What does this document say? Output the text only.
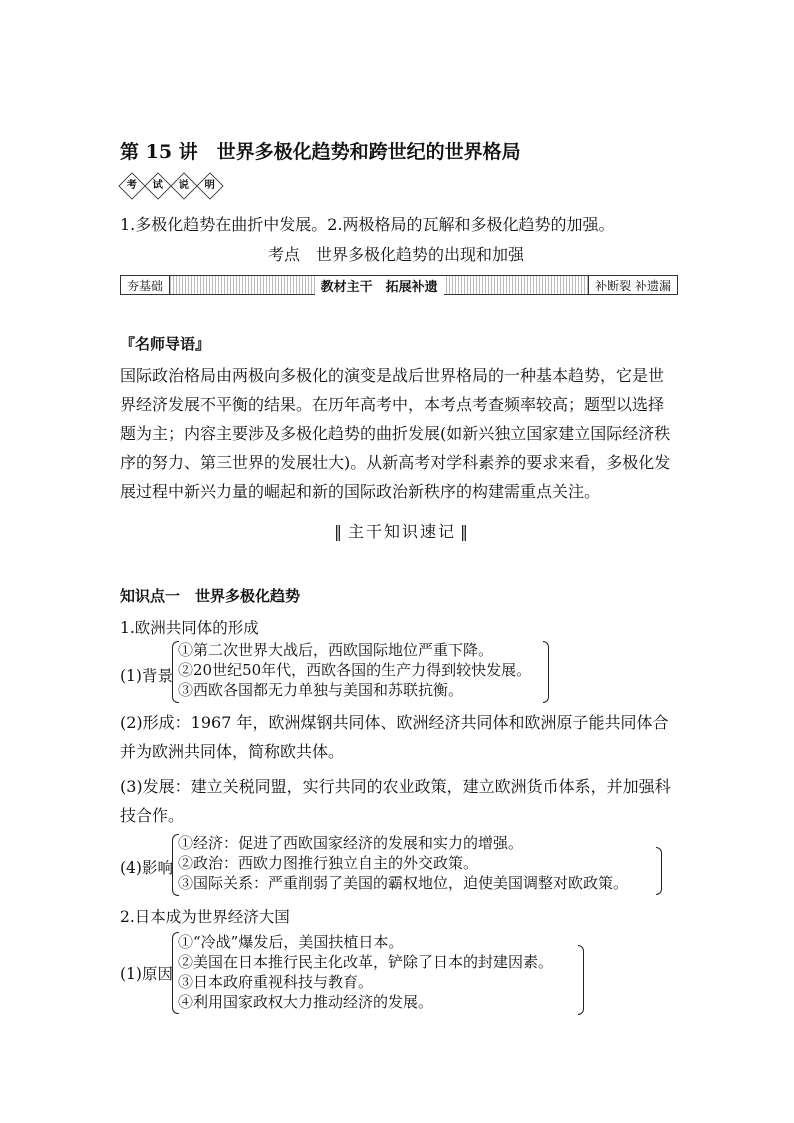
第 15 讲　世界多极化趋势和跨世纪的世界格局
考	试	说	明
1.多极化趋势在曲折中发展。2.两极格局的瓦解和多极化趋势的加强。
考点　世界多极化趋势的出现和加强
夯基础	教材主干　拓展补遗	补断裂 补遗漏
『名师导语』
国际政治格局由两极向多极化的演变是战后世界格局的一种基本趋势，它是世界经济发展不平衡的结果。在历年高考中，本考点考查频率较高；题型以选择题为主；内容主要涉及多极化趋势的曲折发展(如新兴独立国家建立国际经济秩序的努力、第三世界的发展壮大)。从新高考对学科素养的要求来看，多极化发展过程中新兴力量的崛起和新的国际政治新秩序的构建需重点关注。
‖ 主干知识速记 ‖
知识点一　世界多极化趋势
1.欧洲共同体的形成
(1)背景
①第二次世界大战后，西欧国际地位严重下降。
②20世纪50年代，西欧各国的生产力得到较快发展。
③西欧各国都无力单独与美国和苏联抗衡。
(2)形成：1967 年，欧洲煤钢共同体、欧洲经济共同体和欧洲原子能共同体合并为欧洲共同体，简称欧共体。
(3)发展：建立关税同盟，实行共同的农业政策，建立欧洲货币体系，并加强科技合作。
(4)影响
①经济：促进了西欧国家经济的发展和实力的增强。
②政治：西欧力图推行独立自主的外交政策。
③国际关系：严重削弱了美国的霸权地位，迫使美国调整对欧政策。
2.日本成为世界经济大国
(1)原因
①“冷战”爆发后，美国扶植日本。
②美国在日本推行民主化改革，铲除了日本的封建因素。
③日本政府重视科技与教育。
④利用国家政权大力推动经济的发展。
